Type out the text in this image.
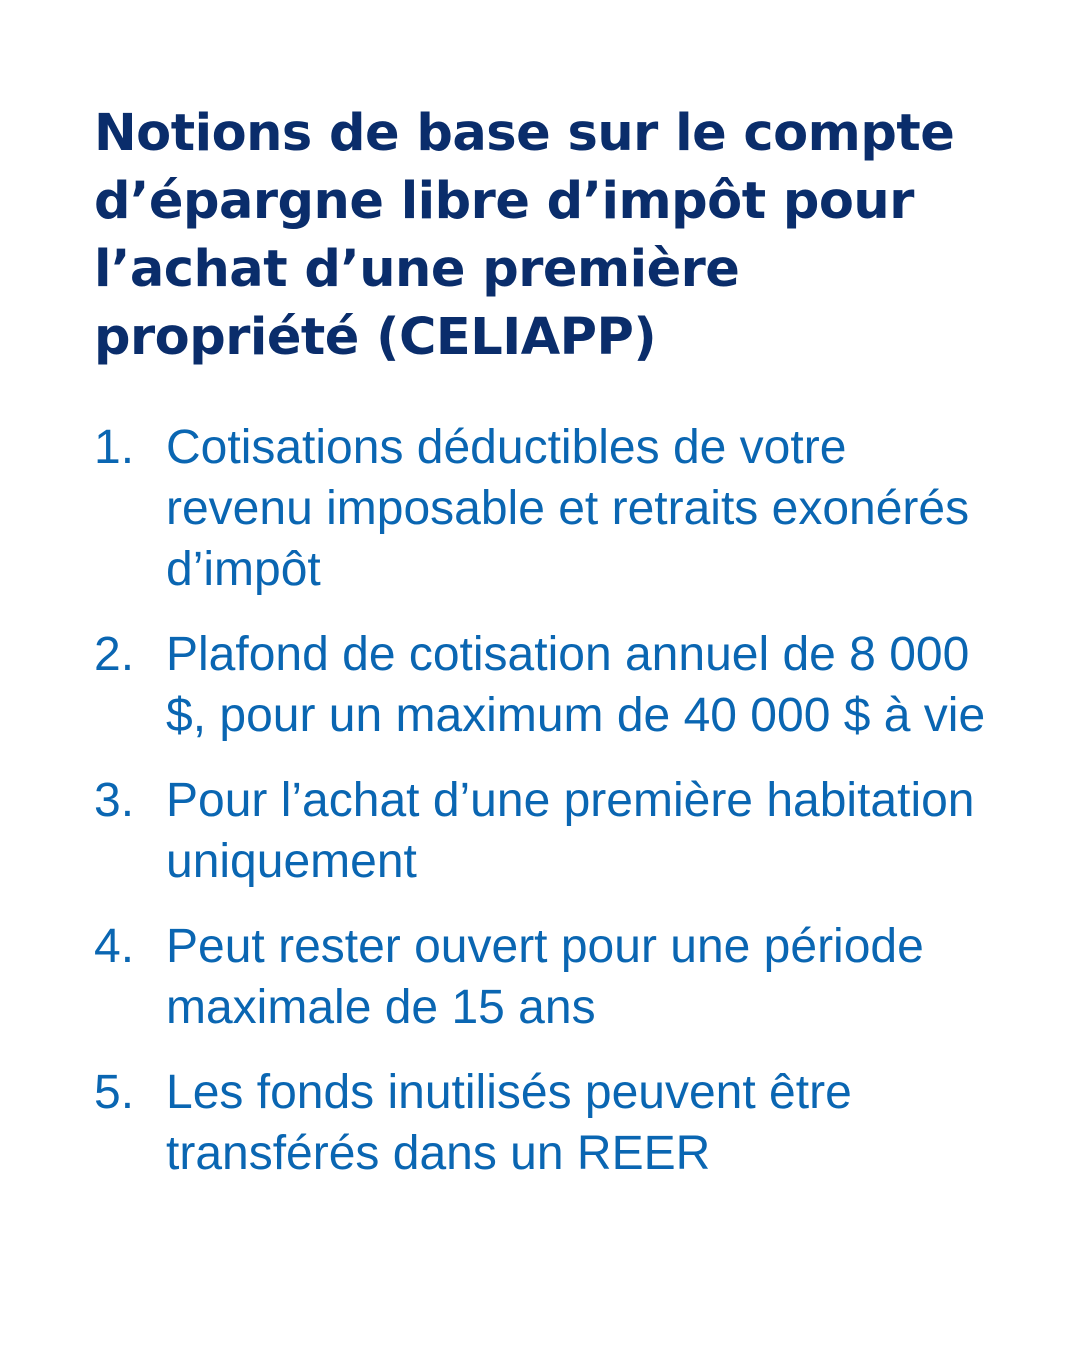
Notions de base sur le compte d’épargne libre d’impôt pour l’achat d’une première propriété (CELIAPP)
1. Cotisations déductibles de votre revenu imposable et retraits exonérés d’impôt
2. Plafond de cotisation annuel de 8 000 $, pour un maximum de 40 000 $ à vie
3. Pour l’achat d’une première habitation uniquement
4. Peut rester ouvert pour une période maximale de 15 ans
5. Les fonds inutilisés peuvent être transférés dans un REER
